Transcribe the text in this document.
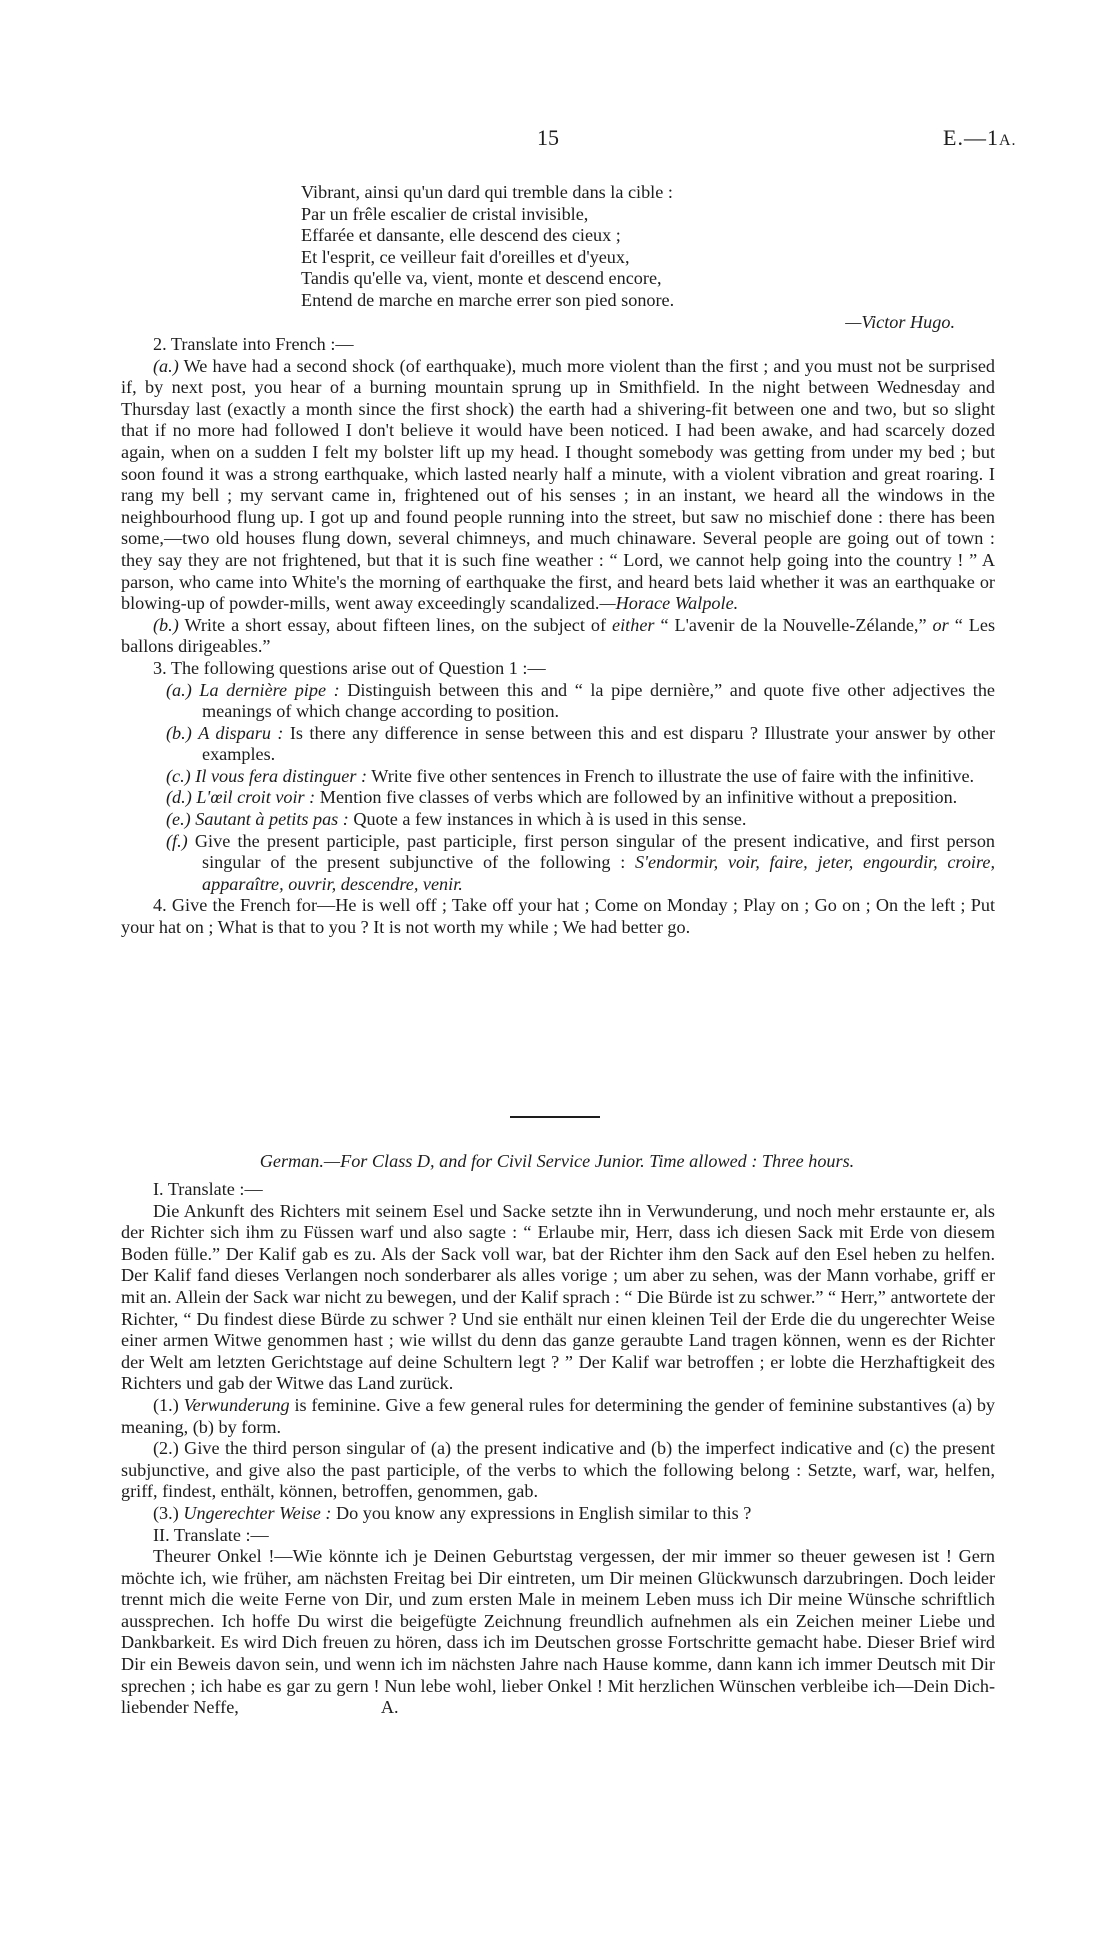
15	E.—1A.
Vibrant, ainsi qu'un dard qui tremble dans la cible :
Par un frêle escalier de cristal invisible,
Effarée et dansante, elle descend des cieux ;
Et l'esprit, ce veilleur fait d'oreilles et d'yeux,
Tandis qu'elle va, vient, monte et descend encore,
Entend de marche en marche errer son pied sonore.
—Victor Hugo.

2. Translate into French :—

(a.) We have had a second shock (of earthquake), much more violent than the first ; and you must not be surprised if, by next post, you hear of a burning mountain sprung up in Smithfield. In the night between Wednesday and Thursday last (exactly a month since the first shock) the earth had a shivering-fit between one and two, but so slight that if no more had followed I don't believe it would have been noticed. I had been awake, and had scarcely dozed again, when on a sudden I felt my bolster lift up my head. I thought somebody was getting from under my bed ; but soon found it was a strong earthquake, which lasted nearly half a minute, with a violent vibration and great roaring. I rang my bell ; my servant came in, frightened out of his senses ; in an instant, we heard all the windows in the neighbourhood flung up. I got up and found people running into the street, but saw no mischief done : there has been some,—two old houses flung down, several chimneys, and much chinaware. Several people are going out of town : they say they are not frightened, but that it is such fine weather : “ Lord, we cannot help going into the country ! ” A parson, who came into White's the morning of earthquake the first, and heard bets laid whether it was an earthquake or blowing-up of powder-mills, went away exceedingly scandalized.—Horace Walpole.

(b.) Write a short essay, about fifteen lines, on the subject of either “ L'avenir de la Nouvelle-Zélande,” or “ Les ballons dirigeables.”

3. The following questions arise out of Question 1 :—

(a.) La dernière pipe : Distinguish between this and “ la pipe dernière,” and quote five other adjectives the meanings of which change according to position.

(b.) A disparu : Is there any difference in sense between this and est disparu ? Illustrate your answer by other examples.

(c.) Il vous fera distinguer : Write five other sentences in French to illustrate the use of faire with the infinitive.

(d.) L'œil croit voir : Mention five classes of verbs which are followed by an infinitive without a preposition.

(e.) Sautant à petits pas : Quote a few instances in which à is used in this sense.

(f.) Give the present participle, past participle, first person singular of the present indicative, and first person singular of the present subjunctive of the following : S'endormir, voir, faire, jeter, engourdir, croire, apparaître, ouvrir, descendre, venir.

4. Give the French for—He is well off ; Take off your hat ; Come on Monday ; Play on ; Go on ; On the left ; Put your hat on ; What is that to you ? It is not worth my while ; We had better go.

German.—For Class D, and for Civil Service Junior. Time allowed : Three hours.

I. Translate :—

Die Ankunft des Richters mit seinem Esel und Sacke setzte ihn in Verwunderung, und noch mehr erstaunte er, als der Richter sich ihm zu Füssen warf und also sagte : “ Erlaube mir, Herr, dass ich diesen Sack mit Erde von diesem Boden fülle.” Der Kalif gab es zu. Als der Sack voll war, bat der Richter ihm den Sack auf den Esel heben zu helfen. Der Kalif fand dieses Verlangen noch sonderbarer als alles vorige ; um aber zu sehen, was der Mann vorhabe, griff er mit an. Allein der Sack war nicht zu bewegen, und der Kalif sprach : “ Die Bürde ist zu schwer.” “ Herr,” antwortete der Richter, “ Du findest diese Bürde zu schwer ? Und sie enthält nur einen kleinen Teil der Erde die du ungerechter Weise einer armen Witwe genommen hast ; wie willst du denn das ganze geraubte Land tragen können, wenn es der Richter der Welt am letzten Gerichtstage auf deine Schultern legt ? ” Der Kalif war betroffen ; er lobte die Herzhaftigkeit des Richters und gab der Witwe das Land zurück.

(1.) Verwunderung is feminine. Give a few general rules for determining the gender of feminine substantives (a) by meaning, (b) by form.

(2.) Give the third person singular of (a) the present indicative and (b) the imperfect indicative and (c) the present subjunctive, and give also the past participle, of the verbs to which the following belong : Setzte, warf, war, helfen, griff, findest, enthält, können, betroffen, genommen, gab.

(3.) Ungerechter Weise : Do you know any expressions in English similar to this ?

II. Translate :—

Theurer Onkel !—Wie könnte ich je Deinen Geburtstag vergessen, der mir immer so theuer gewesen ist ! Gern möchte ich, wie früher, am nächsten Freitag bei Dir eintreten, um Dir meinen Glückwunsch darzubringen. Doch leider trennt mich die weite Ferne von Dir, und zum ersten Male in meinem Leben muss ich Dir meine Wünsche schriftlich aussprechen. Ich hoffe Du wirst die beigefügte Zeichnung freundlich aufnehmen als ein Zeichen meiner Liebe und Dankbarkeit. Es wird Dich freuen zu hören, dass ich im Deutschen grosse Fortschritte gemacht habe. Dieser Brief wird Dir ein Beweis davon sein, und wenn ich im nächsten Jahre nach Hause komme, dann kann ich immer Deutsch mit Dir sprechen ; ich habe es gar zu gern ! Nun lebe wohl, lieber Onkel ! Mit herzlichen Wünschen verbleibe ich—Dein Dich-liebender Neffe,	A.
